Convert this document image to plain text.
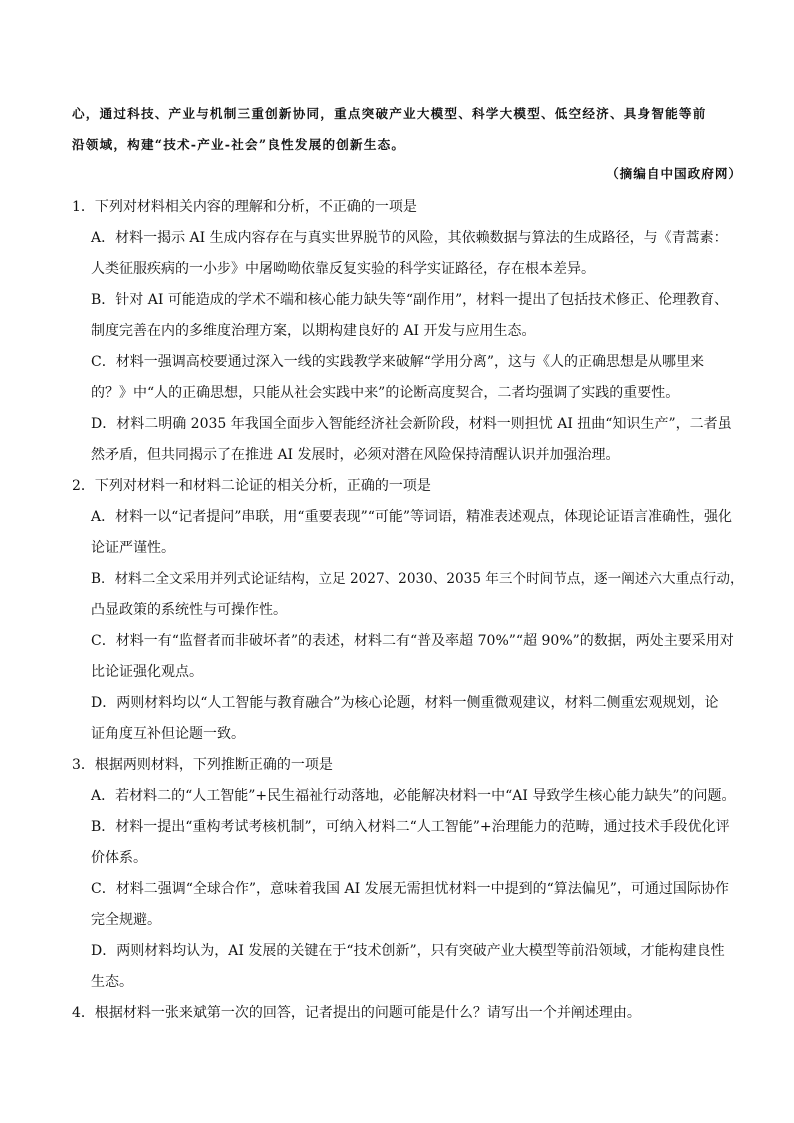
心，通过科技、产业与机制三重创新协同，重点突破产业大模型、科学大模型、低空经济、具身智能等前
沿领域，构建“技术-产业-社会”良性发展的创新生态。
（摘编自中国政府网）
1．下列对材料相关内容的理解和分析，不正确的一项是
A．材料一揭示 AI 生成内容存在与真实世界脱节的风险，其依赖数据与算法的生成路径，与《青蒿素：
人类征服疾病的一小步》中屠呦呦依靠反复实验的科学实证路径，存在根本差异。
B．针对 AI 可能造成的学术不端和核心能力缺失等“副作用”，材料一提出了包括技术修正、伦理教育、
制度完善在内的多维度治理方案，以期构建良好的 AI 开发与应用生态。
C．材料一强调高校要通过深入一线的实践教学来破解“学用分离”，这与《人的正确思想是从哪里来
的？》中“人的正确思想，只能从社会实践中来”的论断高度契合，二者均强调了实践的重要性。
D．材料二明确 2035 年我国全面步入智能经济社会新阶段，材料一则担忧 AI 扭曲“知识生产”，二者虽
然矛盾，但共同揭示了在推进 AI 发展时，必须对潜在风险保持清醒认识并加强治理。
2．下列对材料一和材料二论证的相关分析，正确的一项是
A．材料一以“记者提问”串联，用“重要表现”“可能”等词语，精准表述观点，体现论证语言准确性，强化
论证严谨性。
B．材料二全文采用并列式论证结构，立足 2027、2030、2035 年三个时间节点，逐一阐述六大重点行动，
凸显政策的系统性与可操作性。
C．材料一有“监督者而非破坏者”的表述，材料二有“普及率超 70%”“超 90%”的数据，两处主要采用对
比论证强化观点。
D．两则材料均以“人工智能与教育融合”为核心论题，材料一侧重微观建议，材料二侧重宏观规划，论
证角度互补但论题一致。
3．根据两则材料，下列推断正确的一项是
A．若材料二的“人工智能”+民生福祉行动落地，必能解决材料一中“AI 导致学生核心能力缺失”的问题。
B．材料一提出“重构考试考核机制”，可纳入材料二“人工智能”+治理能力的范畴，通过技术手段优化评
价体系。
C．材料二强调“全球合作”，意味着我国 AI 发展无需担忧材料一中提到的“算法偏见”，可通过国际协作
完全规避。
D．两则材料均认为，AI 发展的关键在于“技术创新”，只有突破产业大模型等前沿领域，才能构建良性
生态。
4．根据材料一张来斌第一次的回答，记者提出的问题可能是什么？请写出一个并阐述理由。
